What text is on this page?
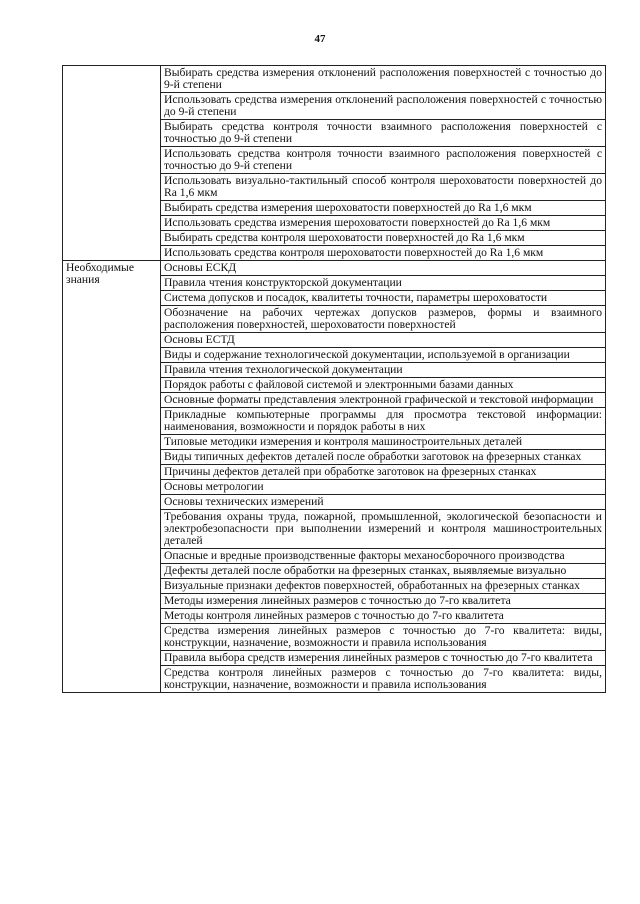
47
	Выбирать средства измерения отклонений расположения поверхностей с точностью до 9-й степени
	Использовать средства измерения отклонений расположения поверхностей с точностью до 9-й степени
	Выбирать средства контроля точности взаимного расположения поверхностей с точностью до 9-й степени
	Использовать средства контроля точности взаимного расположения поверхностей с точностью до 9-й степени
	Использовать визуально-тактильный способ контроля шероховатости поверхностей до Ra 1,6 мкм
	Выбирать средства измерения шероховатости поверхностей до Ra 1,6 мкм
	Использовать средства измерения шероховатости поверхностей до Ra 1,6 мкм
	Выбирать средства контроля шероховатости поверхностей до Ra 1,6 мкм
	Использовать средства контроля шероховатости поверхностей до Ra 1,6 мкм
Необходимые знания	Основы ЕСКД
	Правила чтения конструкторской документации
	Система допусков и посадок, квалитеты точности, параметры шероховатости
	Обозначение на рабочих чертежах допусков размеров, формы и взаимного расположения поверхностей, шероховатости поверхностей
	Основы ЕСТД
	Виды и содержание технологической документации, используемой в организации
	Правила чтения технологической документации
	Порядок работы с файловой системой и электронными базами данных
	Основные форматы представления электронной графической и текстовой информации
	Прикладные компьютерные программы для просмотра текстовой информации: наименования, возможности и порядок работы в них
	Типовые методики измерения и контроля машиностроительных деталей
	Виды типичных дефектов деталей после обработки заготовок на фрезерных станках
	Причины дефектов деталей при обработке заготовок на фрезерных станках
	Основы метрологии
	Основы технических измерений
	Требования охраны труда, пожарной, промышленной, экологической безопасности и электробезопасности при выполнении измерений и контроля машиностроительных деталей
	Опасные и вредные производственные факторы механосборочного производства
	Дефекты деталей после обработки на фрезерных станках, выявляемые визуально
	Визуальные признаки дефектов поверхностей, обработанных на фрезерных станках
	Методы измерения линейных размеров с точностью до 7-го квалитета
	Методы контроля линейных размеров с точностью до 7-го квалитета
	Средства измерения линейных размеров с точностью до 7-го квалитета: виды, конструкции, назначение, возможности и правила использования
	Правила выбора средств измерения линейных размеров с точностью до 7-го квалитета
	Средства контроля линейных размеров с точностью до 7-го квалитета: виды, конструкции, назначение, возможности и правила использования
